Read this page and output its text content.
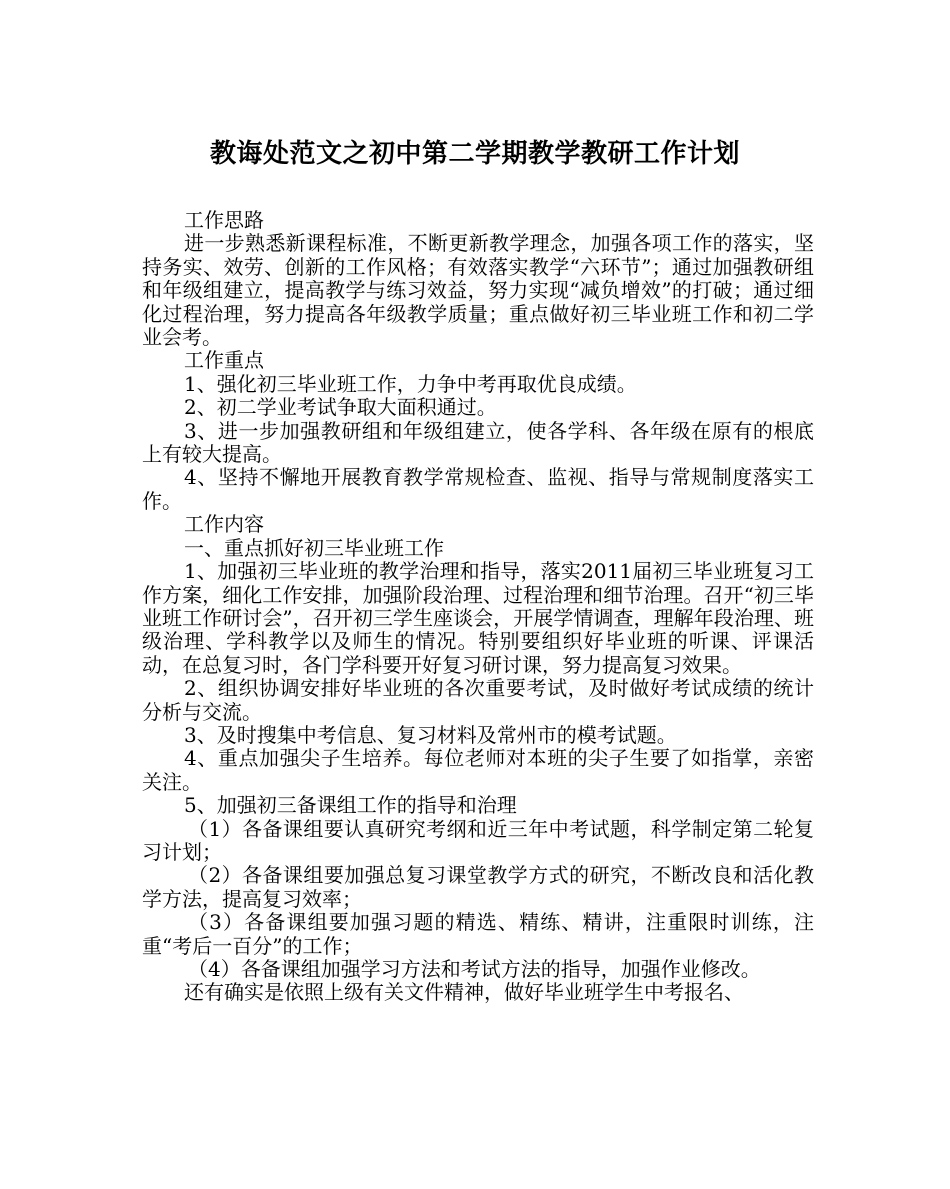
教诲处范文之初中第二学期教学教研工作计划

工作思路

进一步熟悉新课程标准，不断更新教学理念，加强各项工作的落实，坚持务实、效劳、创新的工作风格；有效落实教学“六环节”；通过加强教研组和年级组建立，提高教学与练习效益，努力实现“减负增效”的打破；通过细化过程治理，努力提高各年级教学质量；重点做好初三毕业班工作和初二学业会考。

工作重点

1、强化初三毕业班工作，力争中考再取优良成绩。

2、初二学业考试争取大面积通过。

3、进一步加强教研组和年级组建立，使各学科、各年级在原有的根底上有较大提高。

4、坚持不懈地开展教育教学常规检查、监视、指导与常规制度落实工作。

工作内容

一、重点抓好初三毕业班工作

1、加强初三毕业班的教学治理和指导，落实2011届初三毕业班复习工作方案，细化工作安排，加强阶段治理、过程治理和细节治理。召开“初三毕业班工作研讨会”，召开初三学生座谈会，开展学情调查，理解年段治理、班级治理、学科教学以及师生的情况。特别要组织好毕业班的听课、评课活动，在总复习时，各门学科要开好复习研讨课，努力提高复习效果。

2、组织协调安排好毕业班的各次重要考试，及时做好考试成绩的统计分析与交流。

3、及时搜集中考信息、复习材料及常州市的模考试题。

4、重点加强尖子生培养。每位老师对本班的尖子生要了如指掌，亲密关注。

5、加强初三备课组工作的指导和治理

（1）各备课组要认真研究考纲和近三年中考试题，科学制定第二轮复习计划；

（2）各备课组要加强总复习课堂教学方式的研究，不断改良和活化教学方法，提高复习效率；

（3）各备课组要加强习题的精选、精练、精讲，注重限时训练，注重“考后一百分”的工作；

（4）各备课组加强学习方法和考试方法的指导，加强作业修改。

还有确实是依照上级有关文件精神，做好毕业班学生中考报名、
